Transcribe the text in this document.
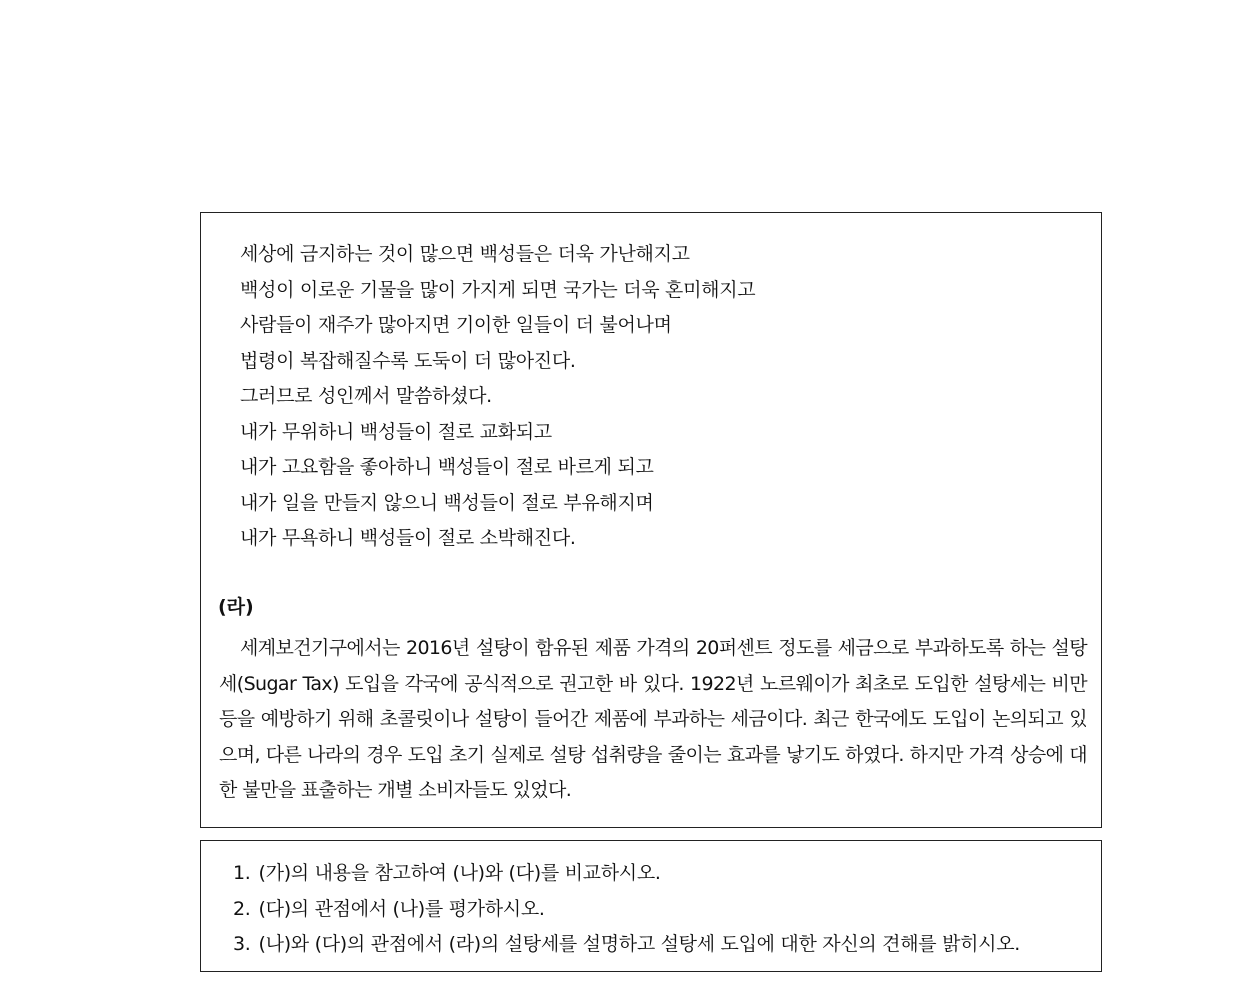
세상에 금지하는 것이 많으면 백성들은 더욱 가난해지고
백성이 이로운 기물을 많이 가지게 되면 국가는 더욱 혼미해지고
사람들이 재주가 많아지면 기이한 일들이 더 불어나며
법령이 복잡해질수록 도둑이 더 많아진다.
그러므로 성인께서 말씀하셨다.
내가 무위하니 백성들이 절로 교화되고
내가 고요함을 좋아하니 백성들이 절로 바르게 되고
내가 일을 만들지 않으니 백성들이 절로 부유해지며
내가 무욕하니 백성들이 절로 소박해진다.
(라)

세계보건기구에서는 2016년 설탕이 함유된 제품 가격의 20퍼센트 정도를 세금으로 부과하도록 하는 설탕세(Sugar Tax) 도입을 각국에 공식적으로 권고한 바 있다. 1922년 노르웨이가 최초로 도입한 설탕세는 비만 등을 예방하기 위해 초콜릿이나 설탕이 들어간 제품에 부과하는 세금이다. 최근 한국에도 도입이 논의되고 있으며, 다른 나라의 경우 도입 초기 실제로 설탕 섭취량을 줄이는 효과를 낳기도 하였다. 하지만 가격 상승에 대한 불만을 표출하는 개별 소비자들도 있었다.

1. (가)의 내용을 참고하여 (나)와 (다)를 비교하시오.
2. (다)의 관점에서 (나)를 평가하시오.
3. (나)와 (다)의 관점에서 (라)의 설탕세를 설명하고 설탕세 도입에 대한 자신의 견해를 밝히시오.
